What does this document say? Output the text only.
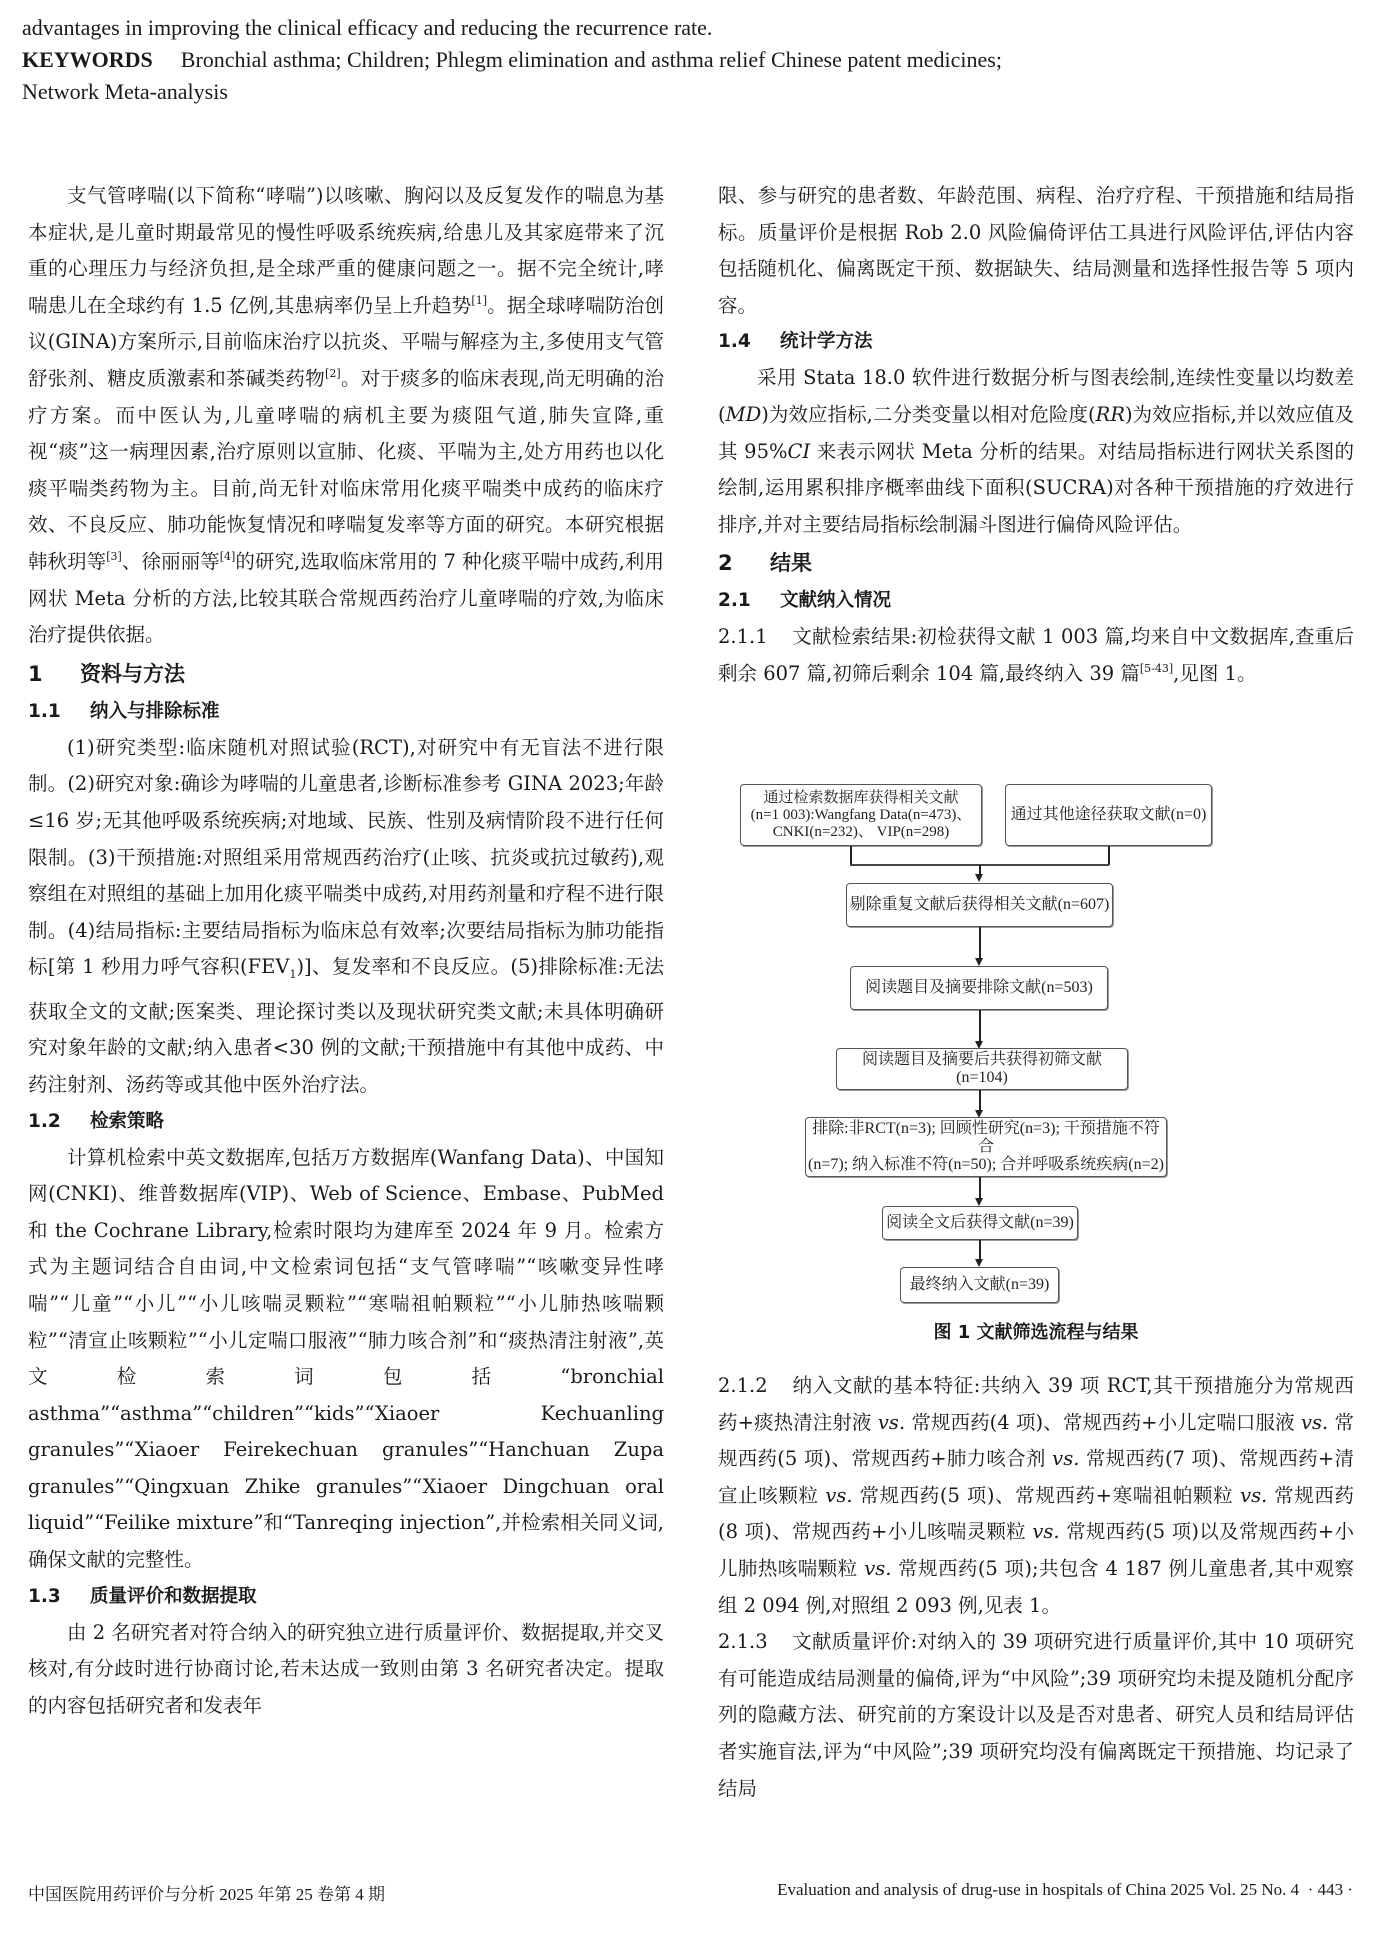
advantages in improving the clinical efficacy and reducing the recurrence rate.
KEYWORDS Bronchial asthma; Children; Phlegm elimination and asthma relief Chinese patent medicines;
Network Meta-analysis

支气管哮喘(以下简称“哮喘”)以咳嗽、胸闷以及反复发作的喘息为基本症状,是儿童时期最常见的慢性呼吸系统疾病,给患儿及其家庭带来了沉重的心理压力与经济负担,是全球严重的健康问题之一。据不完全统计,哮喘患儿在全球约有 1.5 亿例,其患病率仍呈上升趋势[1]。据全球哮喘防治创议(GINA)方案所示,目前临床治疗以抗炎、平喘与解痉为主,多使用支气管舒张剂、糖皮质激素和茶碱类药物[2]。对于痰多的临床表现,尚无明确的治疗方案。而中医认为,儿童哮喘的病机主要为痰阻气道,肺失宣降,重视“痰”这一病理因素,治疗原则以宣肺、化痰、平喘为主,处方用药也以化痰平喘类药物为主。目前,尚无针对临床常用化痰平喘类中成药的临床疗效、不良反应、肺功能恢复情况和哮喘复发率等方面的研究。本研究根据韩秋玥等[3]、徐丽丽等[4]的研究,选取临床常用的 7 种化痰平喘中成药,利用网状 Meta 分析的方法,比较其联合常规西药治疗儿童哮喘的疗效,为临床治疗提供依据。

1 资料与方法
1.1 纳入与排除标准

(1)研究类型:临床随机对照试验(RCT),对研究中有无盲法不进行限制。(2)研究对象:确诊为哮喘的儿童患者,诊断标准参考 GINA 2023;年龄≤16 岁;无其他呼吸系统疾病;对地域、民族、性别及病情阶段不进行任何限制。(3)干预措施:对照组采用常规西药治疗(止咳、抗炎或抗过敏药),观察组在对照组的基础上加用化痰平喘类中成药,对用药剂量和疗程不进行限制。(4)结局指标:主要结局指标为临床总有效率;次要结局指标为肺功能指标[第 1 秒用力呼气容积$(FEV_1)$]、复发率和不良反应。(5)排除标准:无法获取全文的文献;医案类、理论探讨类以及现状研究类文献;未具体明确研究对象年龄的文献;纳入患者<30 例的文献;干预措施中有其他中成药、中药注射剂、汤药等或其他中医外治疗法。

1.2 检索策略

计算机检索中英文数据库,包括万方数据库(Wanfang Data)、中国知网(CNKI)、维普数据库(VIP)、Web of Science、Embase、PubMed 和 the Cochrane Library,检索时限均为建库至 2024 年 9 月。检索方式为主题词结合自由词,中文检索词包括“支气管哮喘”“咳嗽变异性哮喘”“儿童”“小儿”“小儿咳喘灵颗粒”“寒喘祖帕颗粒”“小儿肺热咳喘颗粒”“清宣止咳颗粒”“小儿定喘口服液”“肺力咳合剂”和“痰热清注射液”,英文检索词包括“bronchial asthma”“asthma”“children”“kids”“Xiaoer Kechuanling granules”“Xiaoer Feirekechuan granules”“Hanchuan Zupa granules”“Qingxuan Zhike granules”“Xiaoer Dingchuan oral liquid”“Feilike mixture”和“Tanreqing injection”,并检索相关同义词,确保文献的完整性。

1.3 质量评价和数据提取

由 2 名研究者对符合纳入的研究独立进行质量评价、数据提取,并交叉核对,有分歧时进行协商讨论,若未达成一致则由第 3 名研究者决定。提取的内容包括研究者和发表年

限、参与研究的患者数、年龄范围、病程、治疗疗程、干预措施和结局指标。质量评价是根据 Rob 2.0 风险偏倚评估工具进行风险评估,评估内容包括随机化、偏离既定干预、数据缺失、结局测量和选择性报告等 5 项内容。

1.4 统计学方法

采用 Stata 18.0 软件进行数据分析与图表绘制,连续性变量以均数差(MD)为效应指标,二分类变量以相对危险度(RR)为效应指标,并以效应值及其 95%CI 来表示网状 Meta 分析的结果。对结局指标进行网状关系图的绘制,运用累积排序概率曲线下面积(SUCRA)对各种干预措施的疗效进行排序,并对主要结局指标绘制漏斗图进行偏倚风险评估。

2 结果
2.1 文献纳入情况

2.1.1 文献检索结果:初检获得文献 1 003 篇,均来自中文数据库,查重后剩余 607 篇,初筛后剩余 104 篇,最终纳入 39 篇[5-43],见图 1。

通过检索数据库获得相关文献
(n=1 003):Wangfang Data(n=473)、
CNKI(n=232)、 VIP(n=298)
通过其他途径获取文献(n=0)
剔除重复文献后获得相关文献(n=607)
阅读题目及摘要排除文献(n=503)
阅读题目及摘要后共获得初筛文献(n=104)
排除:非RCT(n=3); 回顾性研究(n=3); 干预措施不符合
(n=7); 纳入标准不符(n=50); 合并呼吸系统疾病(n=2)
阅读全文后获得文献(n=39)
最终纳入文献(n=39)
图 1 文献筛选流程与结果

2.1.2 纳入文献的基本特征:共纳入 39 项 RCT,其干预措施分为常规西药+痰热清注射液 vs. 常规西药(4 项)、常规西药+小儿定喘口服液 vs. 常规西药(5 项)、常规西药+肺力咳合剂 vs. 常规西药(7 项)、常规西药+清宣止咳颗粒 vs. 常规西药(5 项)、常规西药+寒喘祖帕颗粒 vs. 常规西药(8 项)、常规西药+小儿咳喘灵颗粒 vs. 常规西药(5 项)以及常规西药+小儿肺热咳喘颗粒 vs. 常规西药(5 项);共包含 4 187 例儿童患者,其中观察组 2 094 例,对照组 2 093 例,见表 1。

2.1.3 文献质量评价:对纳入的 39 项研究进行质量评价,其中 10 项研究有可能造成结局测量的偏倚,评为“中风险”;39 项研究均未提及随机分配序列的隐藏方法、研究前的方案设计以及是否对患者、研究人员和结局评估者实施盲法,评为“中风险”;39 项研究均没有偏离既定干预措施、均记录了结局

中国医院用药评价与分析 2025 年第 25 卷第 4 期	Evaluation and analysis of drug-use in hospitals of China 2025 Vol. 25 No. 4 · 443 ·
